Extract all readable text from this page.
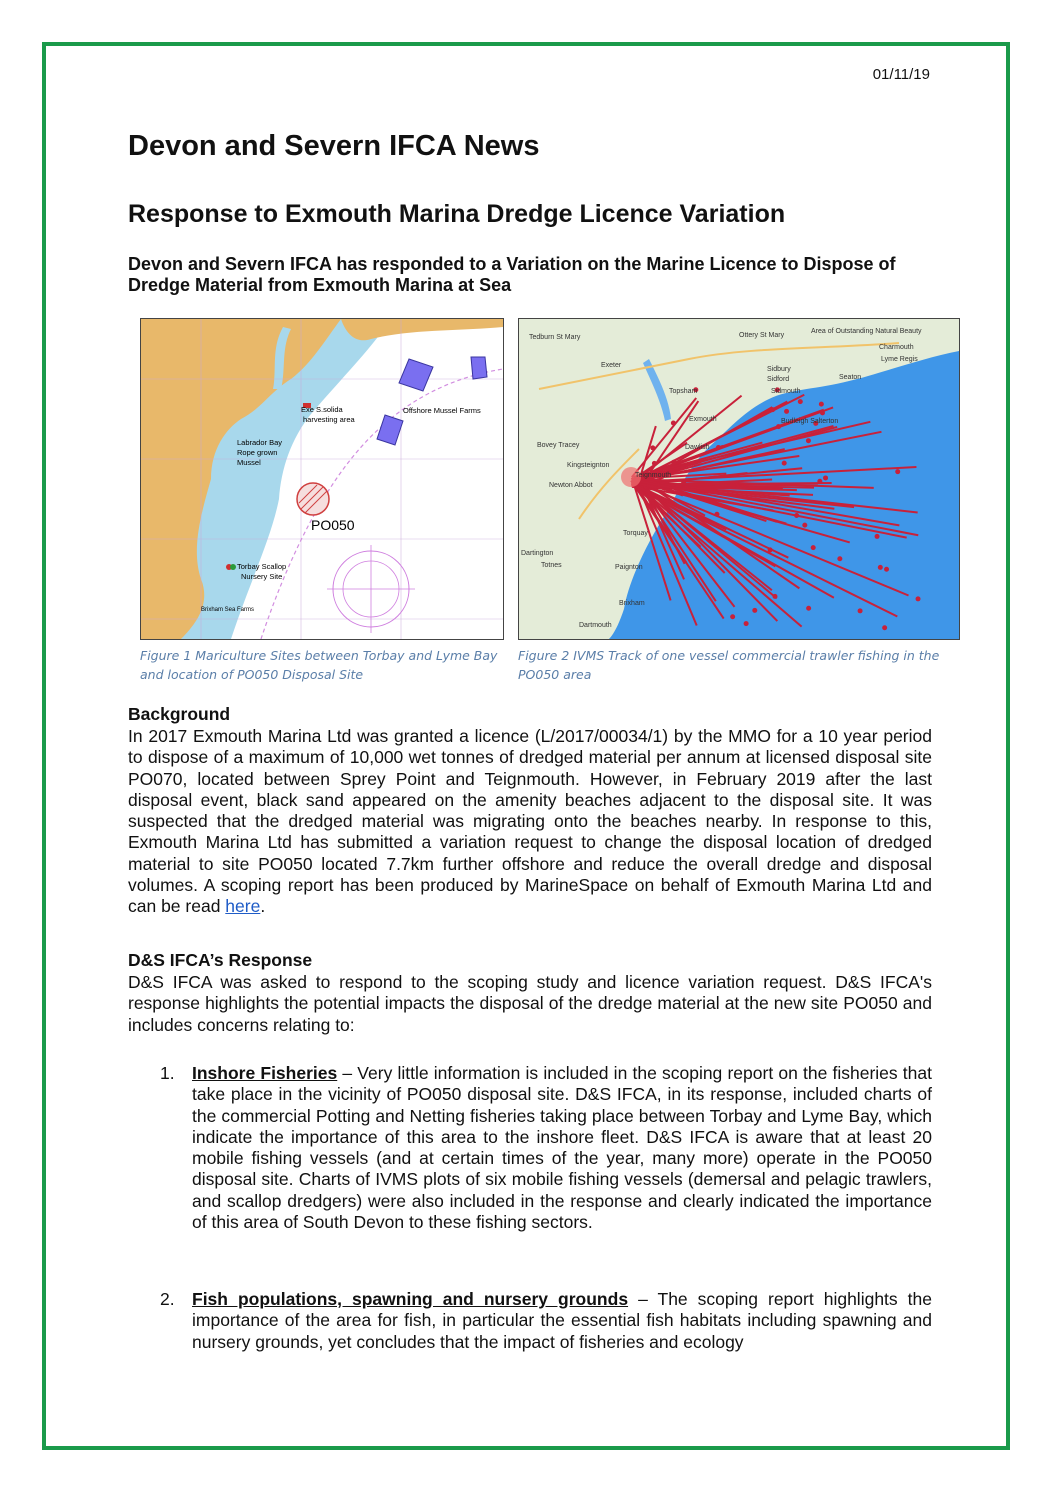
01/11/19
Devon and Severn IFCA News
Response to Exmouth Marina Dredge Licence Variation

Devon and Severn IFCA has responded to a Variation on the Marine Licence to Dispose of Dredge Material from Exmouth Marina at Sea

Exe S.solida
harvesting area
Offshore Mussel Farms
Labrador Bay
Rope grown
Mussel
PO050
Torbay Scallop
Nursery Site
Brixham Sea Farms
Tedburn St Mary
Exeter
Ottery St Mary
Area of Outstanding Natural Beauty
Charmouth
Lyme Regis
Sidbury
Sidford	Seaton
Topsham	Sidmouth
Exmouth	Budleigh Salterton
Bovey Tracey	Dawlish
Kingsteignton
Teignmouth
Newton Abbot
Torquay
Paignton
Dartington
Totnes
Brixham
Dartmouth
Figure 1 Mariculture Sites between Torbay and Lyme Bay and location of PO050 Disposal Site
Figure 2 IVMS Track of one vessel commercial trawler fishing in the PO050 area
Background

In 2017 Exmouth Marina Ltd was granted a licence (L/2017/00034/1) by the MMO for a 10 year period to dispose of a maximum of 10,000 wet tonnes of dredged material per annum at licensed disposal site PO070, located between Sprey Point and Teignmouth. However, in February 2019 after the last disposal event, black sand appeared on the amenity beaches adjacent to the disposal site. It was suspected that the dredged material was migrating onto the beaches nearby. In response to this, Exmouth Marina Ltd has submitted a variation request to change the disposal location of dredged material to site PO050 located 7.7km further offshore and reduce the overall dredge and disposal volumes. A scoping report has been produced by MarineSpace on behalf of Exmouth Marina Ltd and can be read here.

D&S IFCA’s Response

D&S IFCA was asked to respond to the scoping study and licence variation request. D&S IFCA's response highlights the potential impacts the disposal of the dredge material at the new site PO050 and includes concerns relating to:

1. Inshore Fisheries – Very little information is included in the scoping report on the fisheries that take place in the vicinity of PO050 disposal site. D&S IFCA, in its response, included charts of the commercial Potting and Netting fisheries taking place between Torbay and Lyme Bay, which indicate the importance of this area to the inshore fleet. D&S IFCA is aware that at least 20 mobile fishing vessels (and at certain times of the year, many more) operate in the PO050 disposal site. Charts of IVMS plots of six mobile fishing vessels (demersal and pelagic trawlers, and scallop dredgers) were also included in the response and clearly indicated the importance of this area of South Devon to these fishing sectors.
2. Fish populations, spawning and nursery grounds – The scoping report highlights the importance of the area for fish, in particular the essential fish habitats including spawning and nursery grounds, yet concludes that the impact of fisheries and ecology
